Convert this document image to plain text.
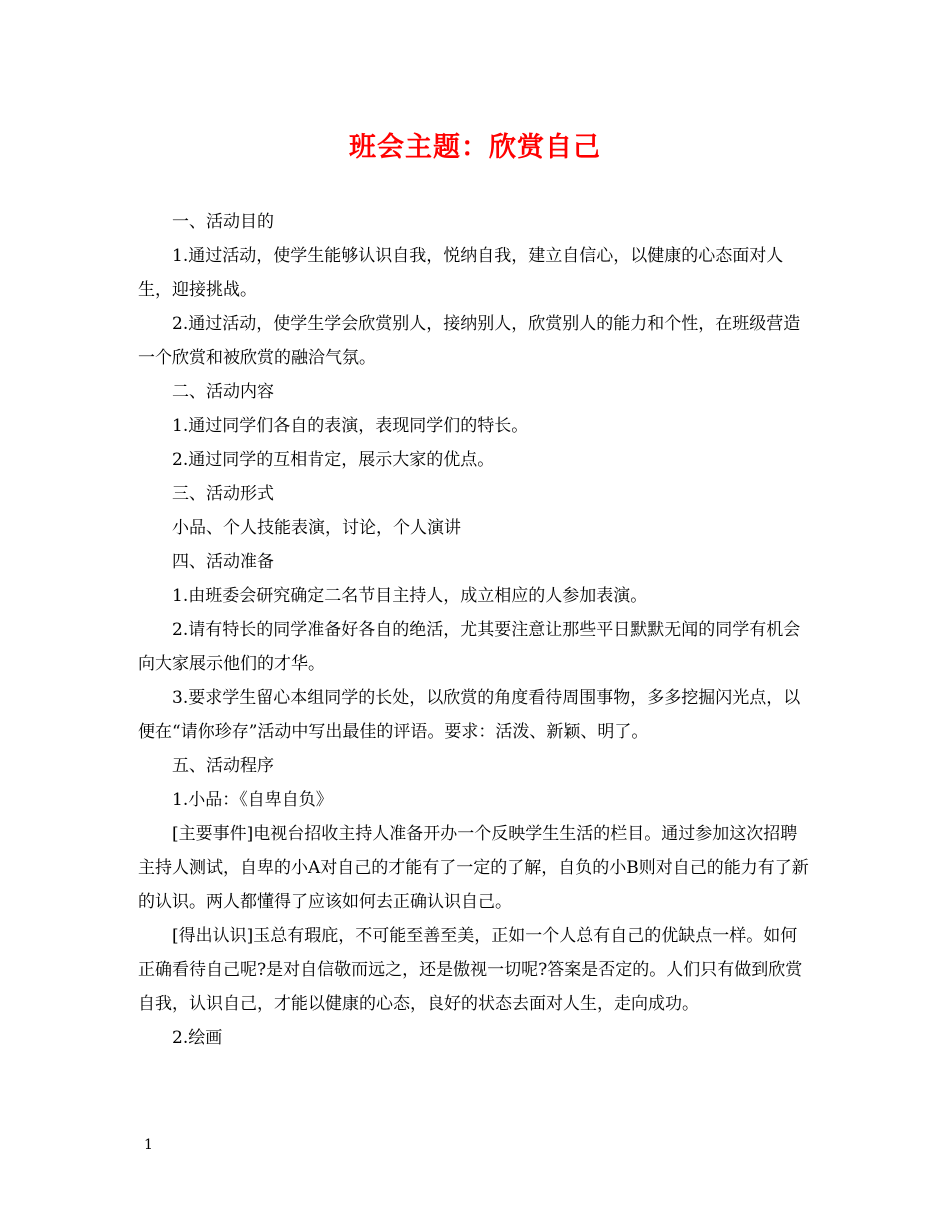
班会主题：欣赏自己

一、活动目的

1.通过活动，使学生能够认识自我，悦纳自我，建立自信心，以健康的心态面对人生，迎接挑战。

2.通过活动，使学生学会欣赏别人，接纳别人，欣赏别人的能力和个性，在班级营造一个欣赏和被欣赏的融洽气氛。

二、活动内容

1.通过同学们各自的表演，表现同学们的特长。

2.通过同学的互相肯定，展示大家的优点。

三、活动形式

小品、个人技能表演，讨论，个人演讲

四、活动准备

1.由班委会研究确定二名节目主持人，成立相应的人参加表演。

2.请有特长的同学准备好各自的绝活，尤其要注意让那些平日默默无闻的同学有机会向大家展示他们的才华。

3.要求学生留心本组同学的长处，以欣赏的角度看待周围事物，多多挖掘闪光点，以便在“请你珍存”活动中写出最佳的评语。要求：活泼、新颖、明了。

五、活动程序

1.小品：《自卑自负》

[主要事件]电视台招收主持人准备开办一个反映学生生活的栏目。通过参加这次招聘主持人测试，自卑的小A对自己的才能有了一定的了解，自负的小B则对自己的能力有了新的认识。两人都懂得了应该如何去正确认识自己。

[得出认识]玉总有瑕庇，不可能至善至美，正如一个人总有自己的优缺点一样。如何正确看待自己呢?是对自信敬而远之，还是傲视一切呢?答案是否定的。人们只有做到欣赏自我，认识自己，才能以健康的心态，良好的状态去面对人生，走向成功。

2.绘画

1
